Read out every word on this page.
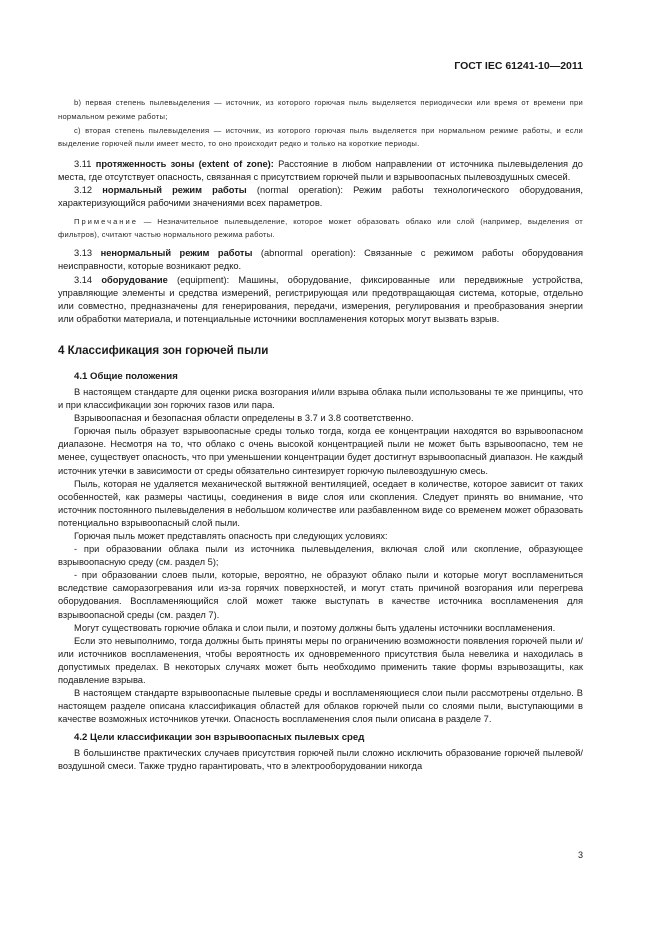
ГОСТ IEC 61241-10—2011

b) первая степень пылевыделения — источник, из которого горючая пыль выделяется периодически или время от времени при нормальном режиме работы;

c) вторая степень пылевыделения — источник, из которого горючая пыль выделяется при нормальном режиме работы, и если выделение горючей пыли имеет место, то оно происходит редко и только на короткие периоды.

3.11 протяженность зоны (extent of zone): Расстояние в любом направлении от источника пылевыделения до места, где отсутствует опасность, связанная с присутствием горючей пыли и взрывоопасных пылевоздушных смесей.

3.12 нормальный режим работы (normal operation): Режим работы технологического оборудования, характеризующийся рабочими значениями всех параметров.

Примечание — Незначительное пылевыделение, которое может образовать облако или слой (например, выделения от фильтров), считают частью нормального режима работы.

3.13 ненормальный режим работы (abnormal operation): Связанные с режимом работы оборудования неисправности, которые возникают редко.

3.14 оборудование (equipment): Машины, оборудование, фиксированные или передвижные устройства, управляющие элементы и средства измерений, регистрирующая или предотвращающая система, которые, отдельно или совместно, предназначены для генерирования, передачи, измерения, регулирования и преобразования энергии или обработки материала, и потенциальные источники воспламенения которых могут вызвать взрыв.

4 Классификация зон горючей пыли
4.1 Общие положения

В настоящем стандарте для оценки риска возгорания и/или взрыва облака пыли использованы те же принципы, что и при классификации зон горючих газов или пара.

Взрывоопасная и безопасная области определены в 3.7 и 3.8 соответственно.

Горючая пыль образует взрывоопасные среды только тогда, когда ее концентрации находятся во взрывоопасном диапазоне. Несмотря на то, что облако с очень высокой концентрацией пыли не может быть взрывоопасно, тем не менее, существует опасность, что при уменьшении концентрации будет достигнут взрывоопасный диапазон. Не каждый источник утечки в зависимости от среды обязательно синтезирует горючую пылевоздушную смесь.

Пыль, которая не удаляется механической вытяжной вентиляцией, оседает в количестве, которое зависит от таких особенностей, как размеры частицы, соединения в виде слоя или скопления. Следует принять во внимание, что источник постоянного пылевыделения в небольшом количестве или разбавленном виде со временем может образовать потенциально взрывоопасный слой пыли.

Горючая пыль может представлять опасность при следующих условиях:

- при образовании облака пыли из источника пылевыделения, включая слой или скопление, образующее взрывоопасную среду (см. раздел 5);

- при образовании слоев пыли, которые, вероятно, не образуют облако пыли и которые могут воспламениться вследствие саморазогревания или из-за горячих поверхностей, и могут стать причиной возгорания или перегрева оборудования. Воспламеняющийся слой может также выступать в качестве источника воспламенения для взрывоопасной среды (см. раздел 7).

Могут существовать горючие облака и слои пыли, и поэтому должны быть удалены источники воспламенения.

Если это невыполнимо, тогда должны быть приняты меры по ограничению возможности появления горючей пыли и/или источников воспламенения, чтобы вероятность их одновременного присутствия была невелика и находилась в допустимых пределах. В некоторых случаях может быть необходимо применить такие формы взрывозащиты, как подавление взрыва.

В настоящем стандарте взрывоопасные пылевые среды и воспламеняющиеся слои пыли рассмотрены отдельно. В настоящем разделе описана классификация областей для облаков горючей пыли со слоями пыли, выступающими в качестве возможных источников утечки. Опасность воспламенения слоя пыли описана в разделе 7.

4.2 Цели классификации зон взрывоопасных пылевых сред

В большинстве практических случаев присутствия горючей пыли сложно исключить образование горючей пылевой/воздушной смеси. Также трудно гарантировать, что в электрооборудовании никогда

3
